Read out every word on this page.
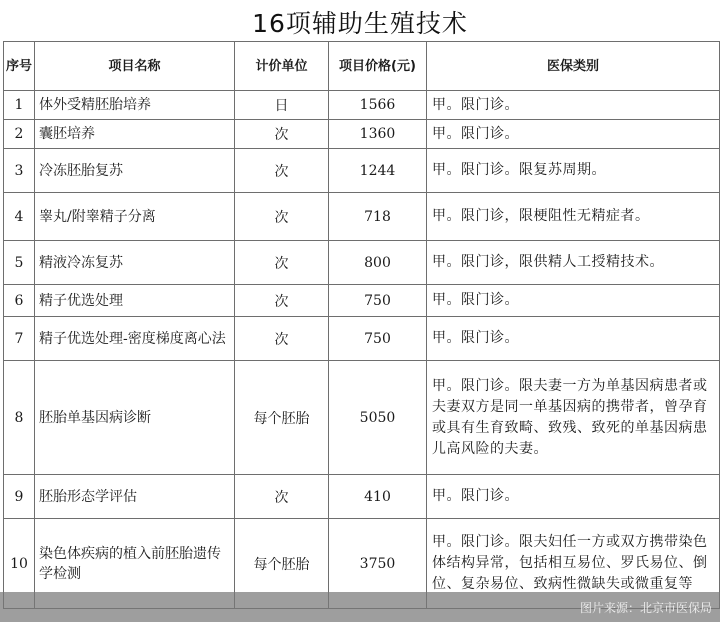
16项辅助生殖技术
序号	项目名称	计价单位	项目价格(元)	医保类别
1	体外受精胚胎培养	日	1566	甲。限门诊。
2	囊胚培养	次	1360	甲。限门诊。
3	冷冻胚胎复苏	次	1244	甲。限门诊。限复苏周期。
4	睾丸/附睾精子分离	次	718	甲。限门诊，限梗阻性无精症者。
5	精液冷冻复苏	次	800	甲。限门诊，限供精人工授精技术。
6	精子优选处理	次	750	甲。限门诊。
7	精子优选处理-密度梯度离心法	次	750	甲。限门诊。
8	胚胎单基因病诊断	每个胚胎	5050	甲。限门诊。限夫妻一方为单基因病患者或夫妻双方是同一单基因病的携带者，曾孕育或具有生育致畸、致残、致死的单基因病患儿高风险的夫妻。
9	胚胎形态学评估	次	410	甲。限门诊。
10	染色体疾病的植入前胚胎遗传学检测	每个胚胎	3750	甲。限门诊。限夫妇任一方或双方携带染色体结构异常，包括相互易位、罗氏易位、倒位、复杂易位、致病性微缺失或微重复等
图片来源：北京市医保局
